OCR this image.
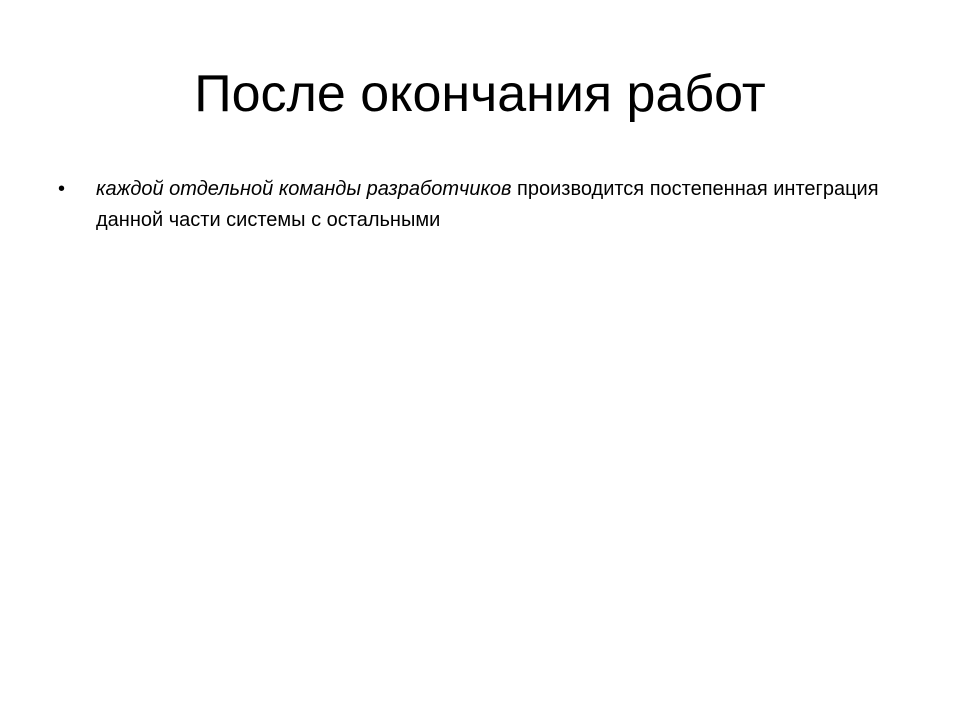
После окончания работ
• каждой отдельной команды разработчиков производится постепенная интеграция данной части системы с остальными
